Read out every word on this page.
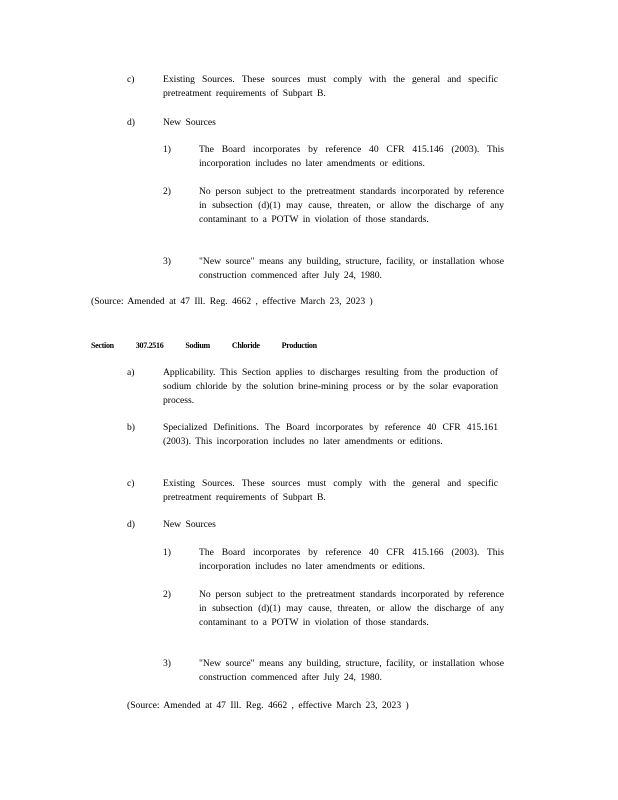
c)	Existing Sources. These sources must comply with the general and specific pretreatment requirements of Subpart B.
d)	New Sources
1)	The Board incorporates by reference 40 CFR 415.146 (2003). This incorporation includes no later amendments or editions.
2)	No person subject to the pretreatment standards incorporated by reference in subsection (d)(1) may cause, threaten, or allow the discharge of any contaminant to a POTW in violation of those standards.
3)	"New source" means any building, structure, facility, or installation whose construction commenced after July 24, 1980.
(Source: Amended at 47 Ill. Reg. 4662 , effective March 23, 2023 )
Section	307.2516	Sodium	Chloride	Production
a)	Applicability. This Section applies to discharges resulting from the production of sodium chloride by the solution brine-mining process or by the solar evaporation process.
b)	Specialized Definitions. The Board incorporates by reference 40 CFR 415.161 (2003). This incorporation includes no later amendments or editions.
c)	Existing Sources. These sources must comply with the general and specific pretreatment requirements of Subpart B.
d)	New Sources
1)	The Board incorporates by reference 40 CFR 415.166 (2003). This incorporation includes no later amendments or editions.
2)	No person subject to the pretreatment standards incorporated by reference in subsection (d)(1) may cause, threaten, or allow the discharge of any contaminant to a POTW in violation of those standards.
3)	"New source" means any building, structure, facility, or installation whose construction commenced after July 24, 1980.
(Source: Amended at 47 Ill. Reg. 4662 , effective March 23, 2023 )
